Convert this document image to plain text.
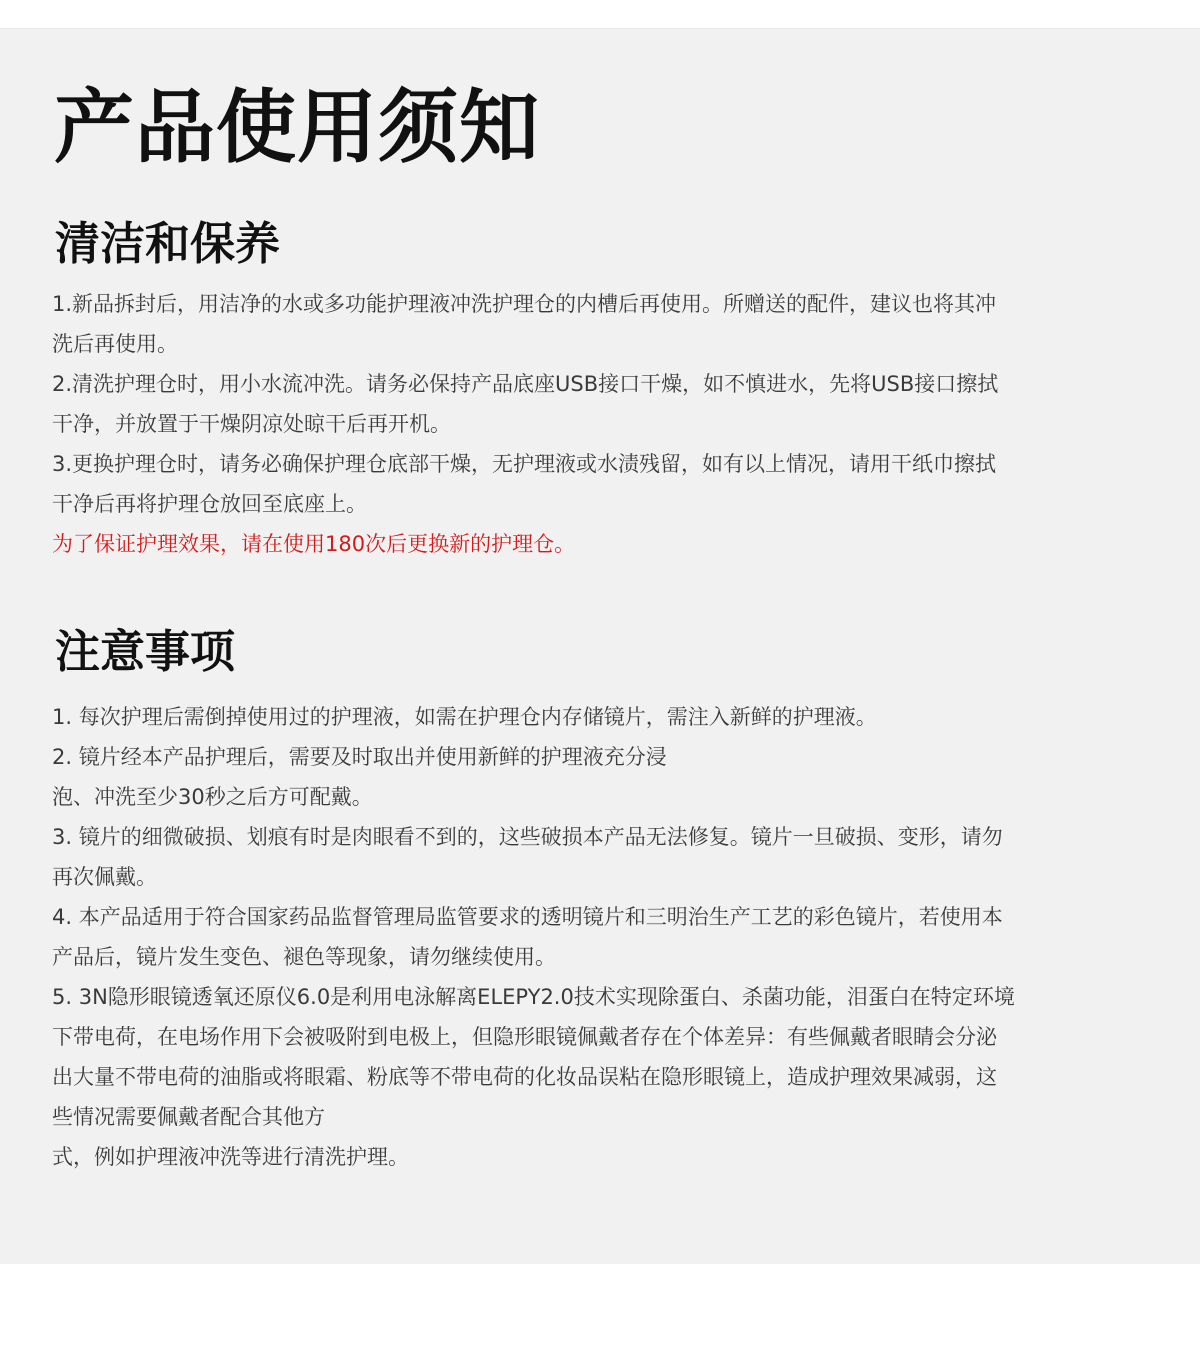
产品使用须知
清洁和保养

1.新品拆封后，用洁净的水或多功能护理液冲洗护理仓的内槽后再使用。所赠送的配件，建议也将其冲

洗后再使用。

2.清洗护理仓时，用小水流冲洗。请务必保持产品底座USB接口干燥，如不慎进水，先将USB接口擦拭

干净，并放置于干燥阴凉处晾干后再开机。

3.更换护理仓时，请务必确保护理仓底部干燥，无护理液或水渍残留，如有以上情况，请用干纸巾擦拭

干净后再将护理仓放回至底座上。

为了保证护理效果，请在使用180次后更换新的护理仓。

注意事项

1. 每次护理后需倒掉使用过的护理液，如需在护理仓内存储镜片，需注入新鲜的护理液。

2. 镜片经本产品护理后，需要及时取出并使用新鲜的护理液充分浸

泡、冲洗至少30秒之后方可配戴。

3. 镜片的细微破损、划痕有时是肉眼看不到的，这些破损本产品无法修复。镜片一旦破损、变形，请勿

再次佩戴。

4. 本产品适用于符合国家药品监督管理局监管要求的透明镜片和三明治生产工艺的彩色镜片，若使用本

产品后，镜片发生变色、褪色等现象，请勿继续使用。

5. 3N隐形眼镜透氧还原仪6.0是利用电泳解离ELEPY2.0技术实现除蛋白、杀菌功能，泪蛋白在特定环境

下带电荷，在电场作用下会被吸附到电极上，但隐形眼镜佩戴者存在个体差异：有些佩戴者眼睛会分泌

出大量不带电荷的油脂或将眼霜、粉底等不带电荷的化妆品误粘在隐形眼镜上，造成护理效果减弱，这

些情况需要佩戴者配合其他方

式，例如护理液冲洗等进行清洗护理。
